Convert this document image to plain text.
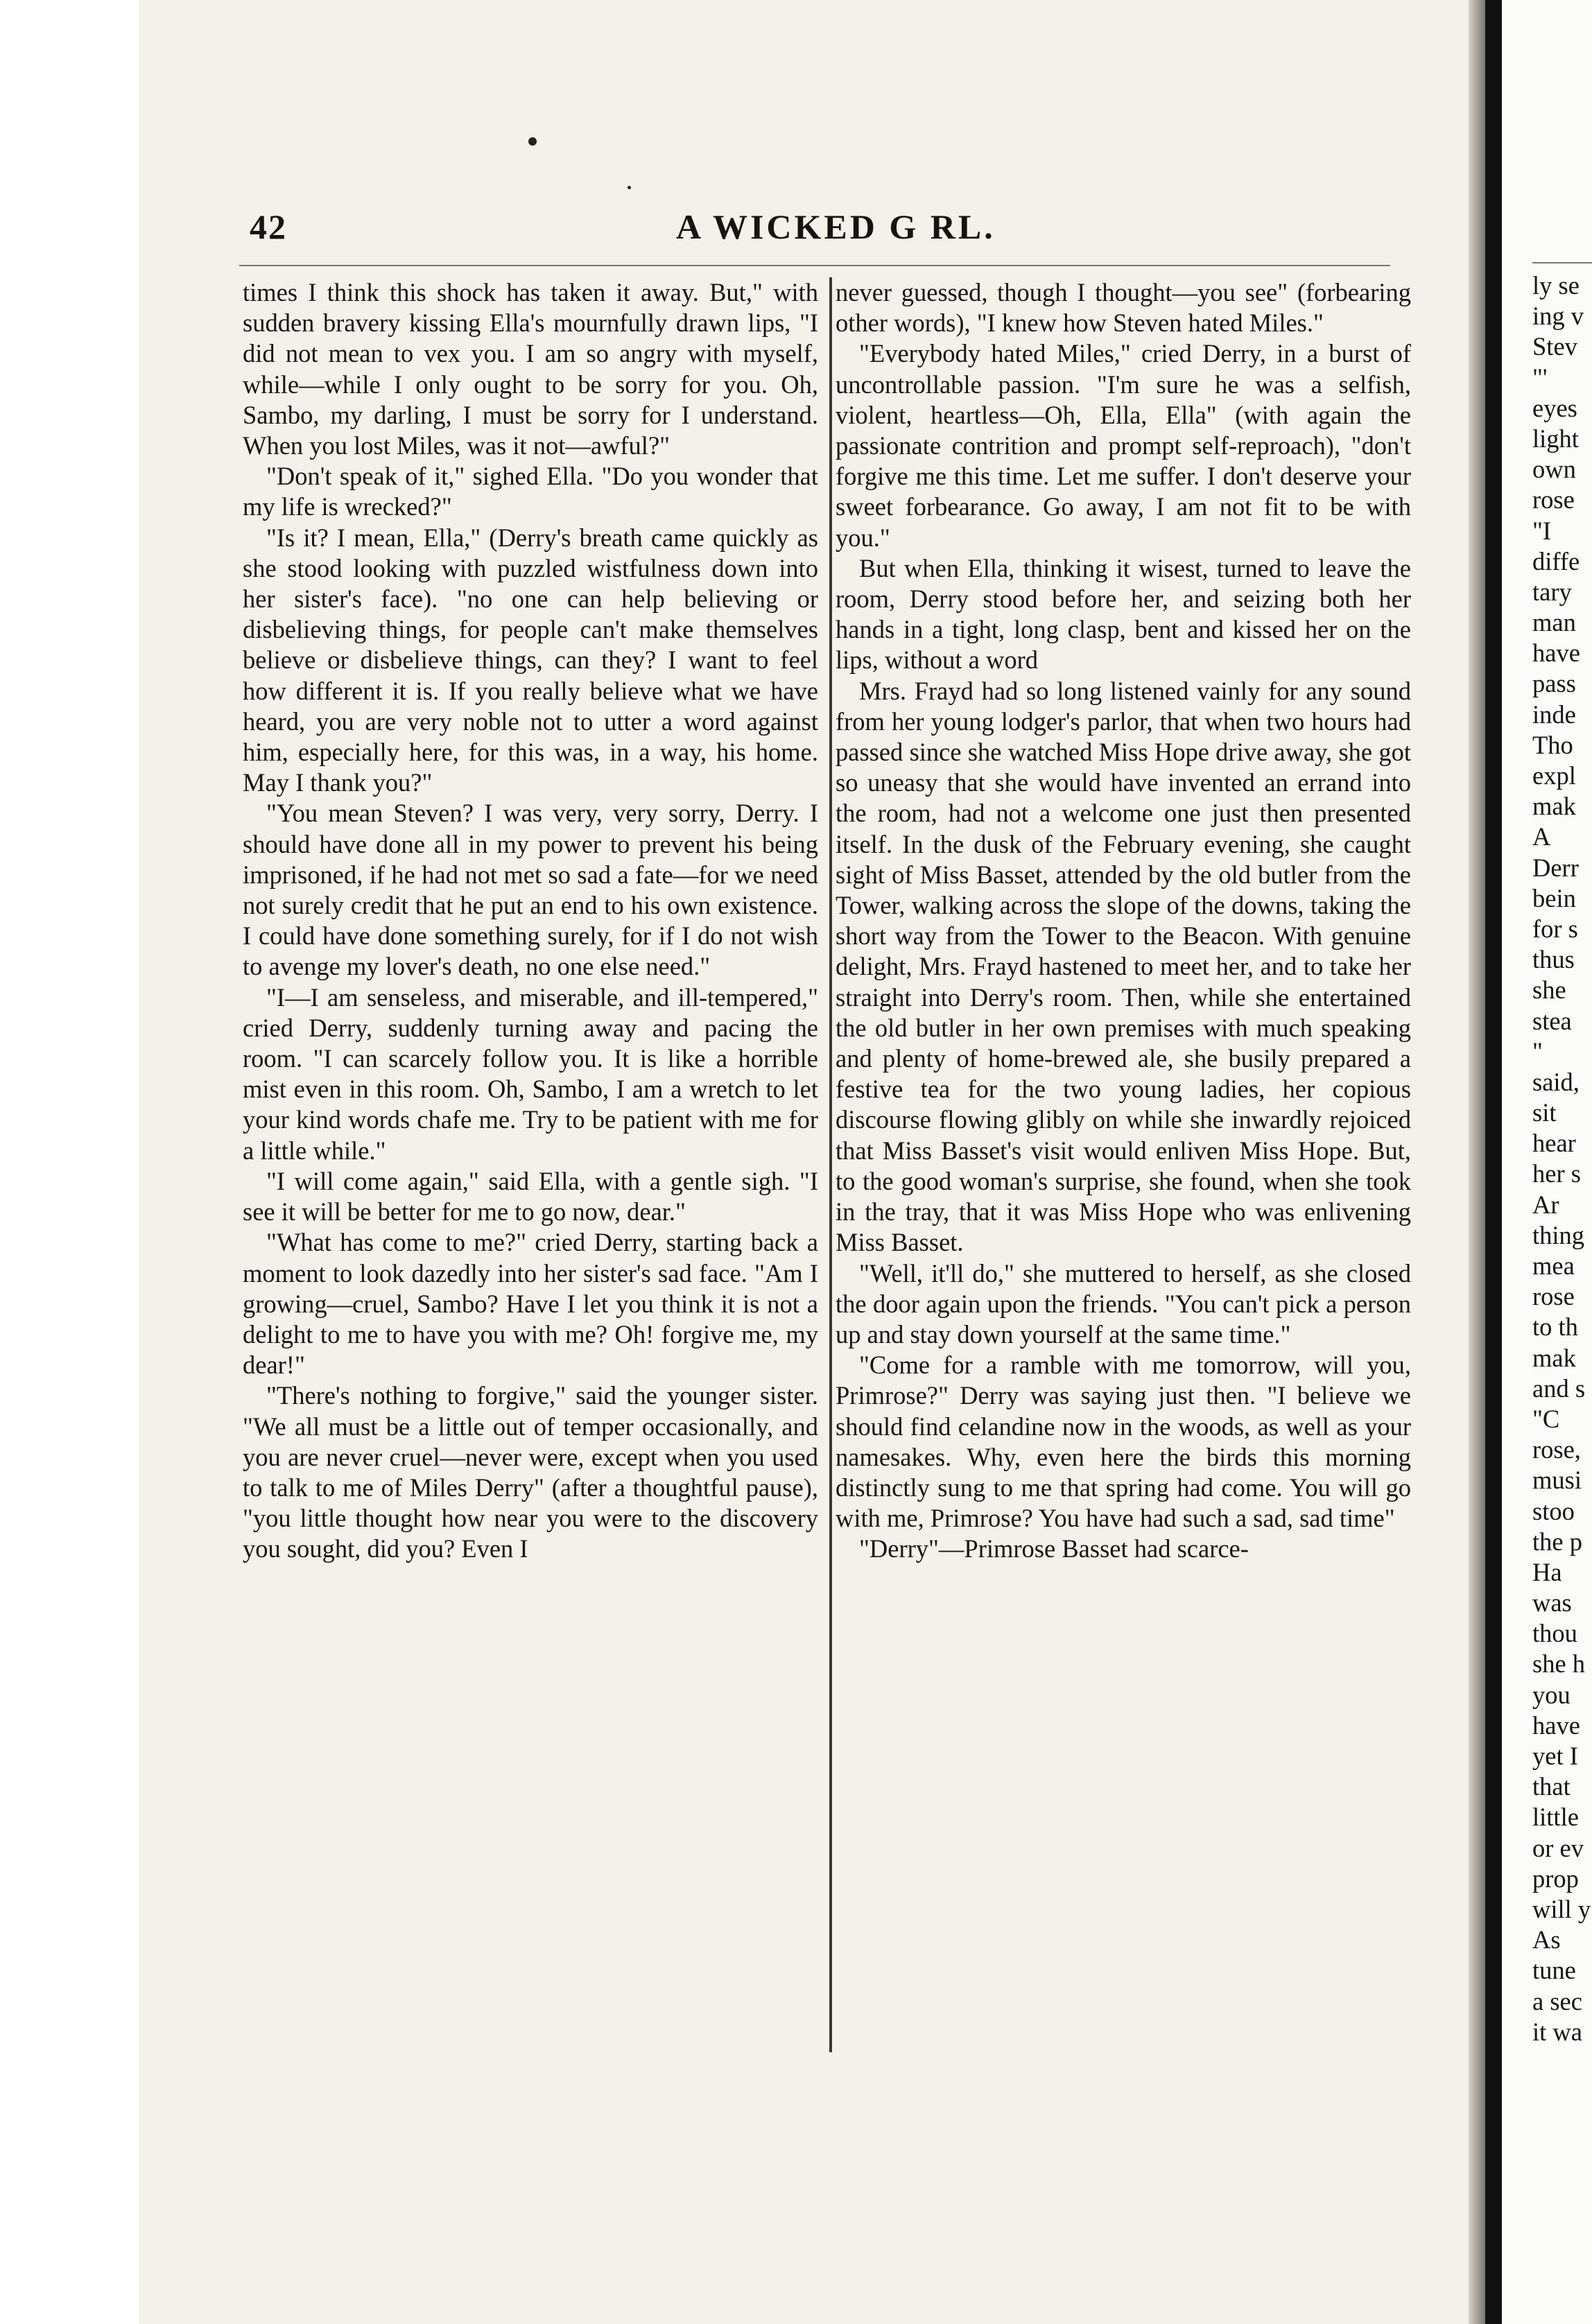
42	A WICKED G RL.

times I think this shock has taken it away. But," with sudden bravery kissing Ella's mournfully drawn lips, "I did not mean to vex you. I am so angry with myself, while—while I only ought to be sorry for you. Oh, Sambo, my darling, I must be sorry for I understand. When you lost Miles, was it not—awful?"

"Don't speak of it," sighed Ella. "Do you wonder that my life is wrecked?"

"Is it? I mean, Ella," (Derry's breath came quickly as she stood looking with puzzled wistfulness down into her sister's face). "no one can help believing or disbelieving things, for people can't make themselves believe or disbelieve things, can they? I want to feel how different it is. If you really believe what we have heard, you are very noble not to utter a word against him, especially here, for this was, in a way, his home. May I thank you?"

"You mean Steven? I was very, very sorry, Derry. I should have done all in my power to prevent his being imprisoned, if he had not met so sad a fate—for we need not surely credit that he put an end to his own existence. I could have done something surely, for if I do not wish to avenge my lover's death, no one else need."

"I—I am senseless, and miserable, and ill-tempered," cried Derry, suddenly turning away and pacing the room. "I can scarcely follow you. It is like a horrible mist even in this room. Oh, Sambo, I am a wretch to let your kind words chafe me. Try to be patient with me for a little while."

"I will come again," said Ella, with a gentle sigh. "I see it will be better for me to go now, dear."

"What has come to me?" cried Derry, starting back a moment to look dazedly into her sister's sad face. "Am I growing—cruel, Sambo? Have I let you think it is not a delight to me to have you with me? Oh! forgive me, my dear!"

"There's nothing to forgive," said the younger sister. "We all must be a little out of temper occasionally, and you are never cruel—never were, except when you used to talk to me of Miles Derry" (after a thoughtful pause), "you little thought how near you were to the discovery you sought, did you? Even I

never guessed, though I thought—you see" (forbearing other words), "I knew how Steven hated Miles."

"Everybody hated Miles," cried Derry, in a burst of uncontrollable passion. "I'm sure he was a selfish, violent, heartless—Oh, Ella, Ella" (with again the passionate contrition and prompt self-reproach), "don't forgive me this time. Let me suffer. I don't deserve your sweet forbearance. Go away, I am not fit to be with you."

But when Ella, thinking it wisest, turned to leave the room, Derry stood before her, and seizing both her hands in a tight, long clasp, bent and kissed her on the lips, without a word

Mrs. Frayd had so long listened vainly for any sound from her young lodger's parlor, that when two hours had passed since she watched Miss Hope drive away, she got so uneasy that she would have invented an errand into the room, had not a welcome one just then presented itself. In the dusk of the February evening, she caught sight of Miss Basset, attended by the old butler from the Tower, walking across the slope of the downs, taking the short way from the Tower to the Beacon. With genuine delight, Mrs. Frayd hastened to meet her, and to take her straight into Derry's room. Then, while she entertained the old butler in her own premises with much speaking and plenty of home-brewed ale, she busily prepared a festive tea for the two young ladies, her copious discourse flowing glibly on while she inwardly rejoiced that Miss Basset's visit would enliven Miss Hope. But, to the good woman's surprise, she found, when she took in the tray, that it was Miss Hope who was enlivening Miss Basset.

"Well, it'll do," she muttered to herself, as she closed the door again upon the friends. "You can't pick a person up and stay down yourself at the same time."

"Come for a ramble with me tomorrow, will you, Primrose?" Derry was saying just then. "I believe we should find celandine now in the woods, as well as your namesakes. Why, even here the birds this morning distinctly sung to me that spring had come. You will go with me, Primrose? You have had such a sad, sad time"

"Derry"—Primrose Basset had scarce-

ly se
ing v
Stev
"'
eyes
light
own
rose
"I
diffe
tary
man
have
pass
inde
Tho
expl
mak
A
Derr
bein
for s
thus
she
stea
"
said,
sit
hear
her s
Ar
thing
mea
rose
to th
mak
and s
"C
rose,
musi
stoo
the p
Ha
was
thou
she h
you
have
yet I
that
little
or ev
prop
will y
As
tune
a sec
it wa
